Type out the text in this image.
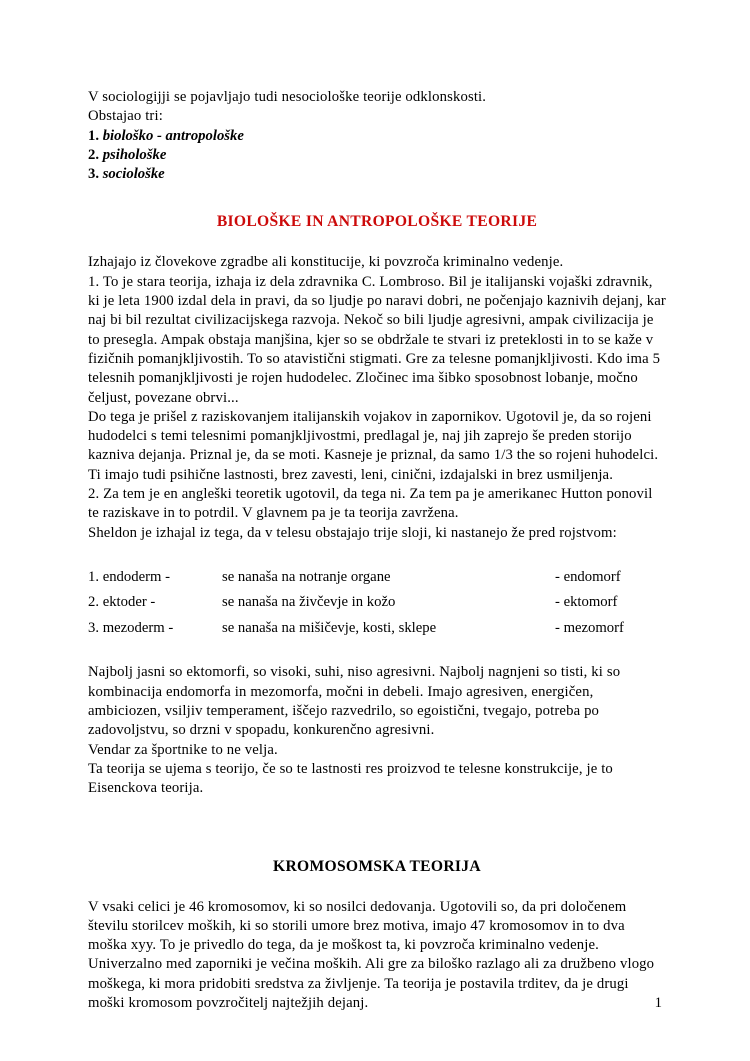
V sociologijji se pojavljajo tudi nesociološke teorije odklonskosti.

Obstajao tri:

1. biološko - antropološke
2. psihološke
3. sociološke
BIOLOŠKE IN ANTROPOLOŠKE TEORIJE

Izhajajo iz človekove zgradbe ali konstitucije, ki povzroča kriminalno vedenje.

1. To je stara teorija, izhaja iz dela zdravnika C. Lombroso. Bil je italijanski vojaški zdravnik, ki je leta 1900 izdal dela in pravi, da so ljudje po naravi dobri, ne počenjajo kaznivih dejanj, kar naj bi bil rezultat civilizacijskega razvoja. Nekoč so bili ljudje agresivni, ampak civilizacija je to presegla. Ampak obstaja manjšina, kjer so se obdržale te stvari iz preteklosti in to se kaže v fizičnih pomanjkljivostih. To so atavistični stigmati. Gre za telesne pomanjkljivosti. Kdo ima 5 telesnih pomanjkljivosti je rojen hudodelec. Zločinec ima šibko sposobnost lobanje, močno čeljust, povezane obrvi...

Do tega je prišel z raziskovanjem italijanskih vojakov in zapornikov. Ugotovil je, da so rojeni hudodelci s temi telesnimi pomanjkljivostmi, predlagal je, naj jih zaprejo še preden storijo kazniva dejanja. Priznal je, da se moti. Kasneje je priznal, da samo 1/3 the so rojeni huhodelci. Ti imajo tudi psihične lastnosti, brez zavesti, leni, cinični, izdajalski in brez usmiljenja.

2. Za tem je en angleški teoretik ugotovil, da tega ni. Za tem pa je amerikanec Hutton ponovil te raziskave in to potrdil. V glavnem pa je ta teorija zavržena.

Sheldon je izhajal iz tega, da v telesu obstajajo trije sloji, ki nastanejo že pred rojstvom:

1. endoderm -	se nanaša na notranje organe	- endomorf
2. ektoder -	se nanaša na živčevje in kožo	- ektomorf
3. mezoderm -	se nanaša na mišičevje, kosti, sklepe	- mezomorf

Najbolj jasni so ektomorfi, so visoki, suhi, niso agresivni. Najbolj nagnjeni so tisti, ki so kombinacija endomorfa in mezomorfa, močni in debeli. Imajo agresiven, energičen, ambiciozen, vsiljiv temperament, iščejo razvedrilo, so egoistični, tvegajo, potreba po zadovoljstvu, so drzni v spopadu, konkurenčno agresivni.

Vendar za športnike to ne velja.

Ta teorija se ujema s teorijo, če so te lastnosti res proizvod te telesne konstrukcije, je to Eisenckova teorija.

KROMOSOMSKA TEORIJA

V vsaki celici je 46 kromosomov, ki so nosilci dedovanja. Ugotovili so, da pri določenem številu storilcev moških, ki so storili umore brez motiva, imajo 47 kromosomov in to dva moška xyy. To je privedlo do tega, da je moškost ta, ki povzroča kriminalno vedenje. Univerzalno med zaporniki je večina moških. Ali gre za biloško razlago ali za družbeno vlogo moškega, ki mora pridobiti sredstva za življenje. Ta teorija je postavila trditev, da je drugi moški kromosom povzročitelj najtežjih dejanj.	1
